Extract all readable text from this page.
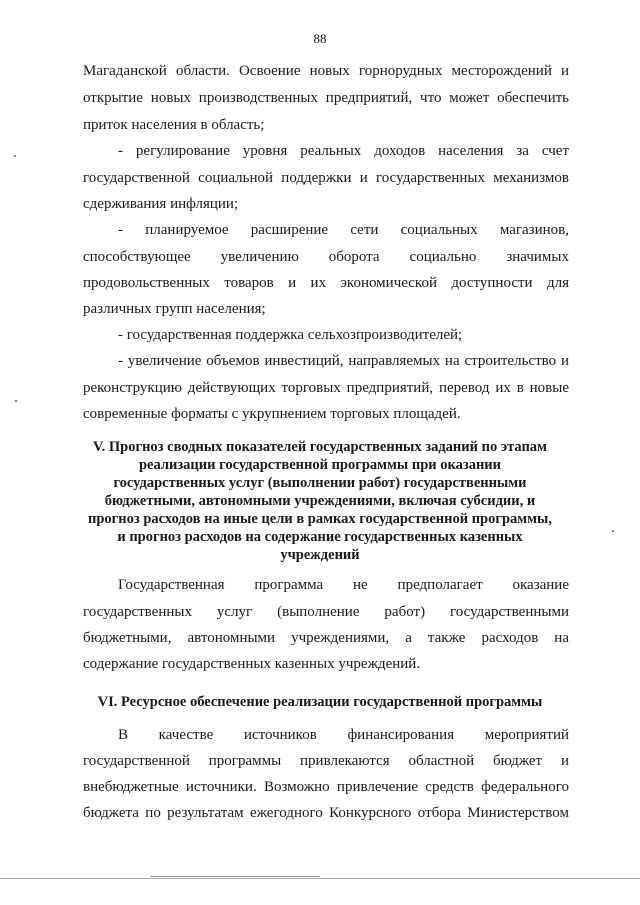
88
Магаданской области. Освоение новых горнорудных месторождений и
открытие новых производственных предприятий, что может обеспечить
приток населения в область;
- регулирование уровня реальных доходов населения за счет
государственной социальной поддержки и государственных механизмов
сдерживания инфляции;
- планируемое расширение сети социальных магазинов,
способствующее увеличению оборота социально значимых
продовольственных товаров и их экономической доступности для
различных групп населения;
- государственная поддержка сельхозпроизводителей;
- увеличение объемов инвестиций, направляемых на строительство и
реконструкцию действующих торговых предприятий, перевод их в новые
современные форматы с укрупнением торговых площадей.
V. Прогноз сводных показателей государственных заданий по этапам
реализации государственной программы при оказании
государственных услуг (выполнении работ) государственными
бюджетными, автономными учреждениями, включая субсидии, и
прогноз расходов на иные цели в рамках государственной программы,
и прогноз расходов на содержание государственных казенных
учреждений
Государственная программа не предполагает оказание
государственных услуг (выполнение работ) государственными
бюджетными, автономными учреждениями, а также расходов на
содержание государственных казенных учреждений.
VI. Ресурсное обеспечение реализации государственной программы
В качестве источников финансирования мероприятий
государственной программы привлекаются областной бюджет и
внебюджетные источники. Возможно привлечение средств федерального
бюджета по результатам ежегодного Конкурсного отбора Министерством
